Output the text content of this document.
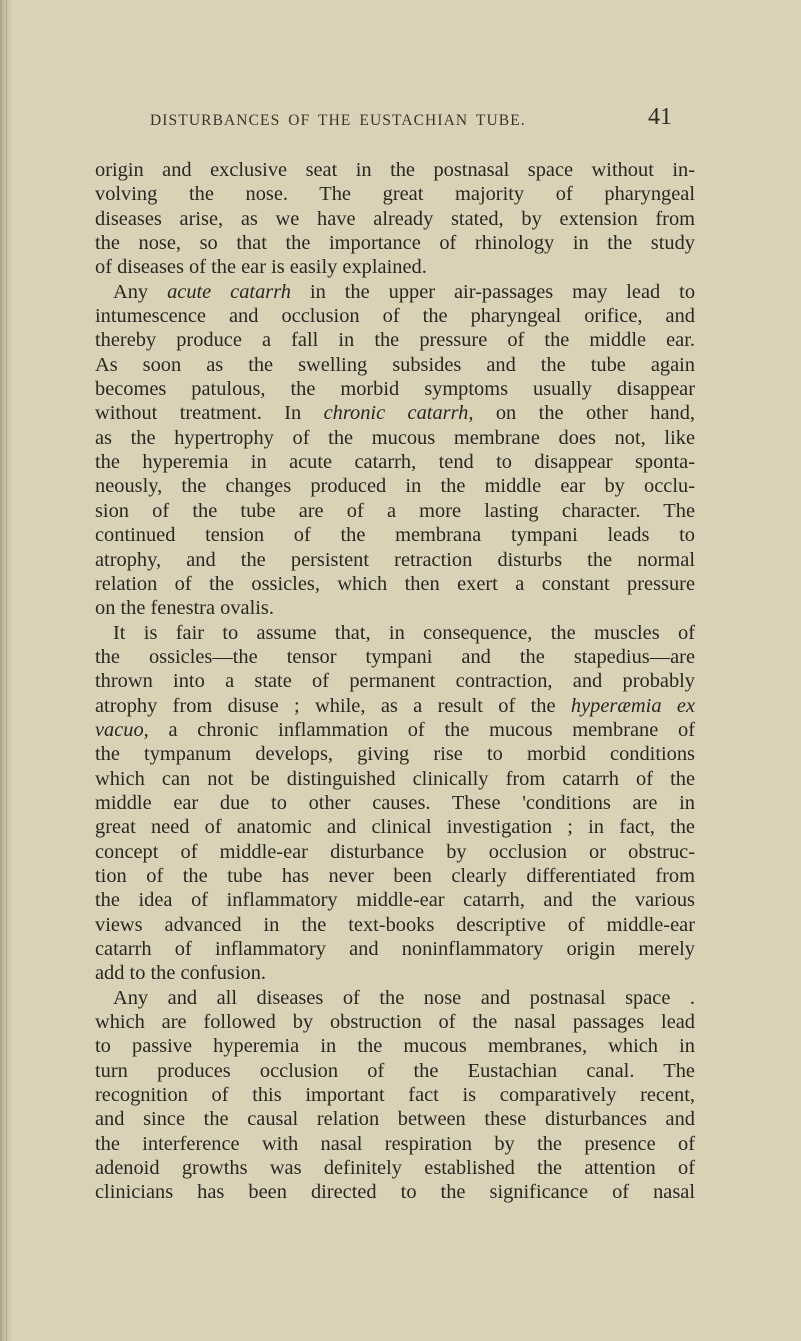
DISTURBANCES OF THE EUSTACHIAN TUBE.	41
origin and exclusive seat in the postnasal space without in-
volving the nose. The great majority of pharyngeal
diseases arise, as we have already stated, by extension from
the nose, so that the importance of rhinology in the study
of diseases of the ear is easily explained.
Any acute catarrh in the upper air-passages may lead to
intumescence and occlusion of the pharyngeal orifice, and
thereby produce a fall in the pressure of the middle ear.
As soon as the swelling subsides and the tube again
becomes patulous, the morbid symptoms usually disappear
without treatment. In chronic catarrh, on the other hand,
as the hypertrophy of the mucous membrane does not, like
the hyperemia in acute catarrh, tend to disappear sponta-
neously, the changes produced in the middle ear by occlu-
sion of the tube are of a more lasting character. The
continued tension of the membrana tympani leads to
atrophy, and the persistent retraction disturbs the normal
relation of the ossicles, which then exert a constant pressure
on the fenestra ovalis.
It is fair to assume that, in consequence, the muscles of
the ossicles—the tensor tympani and the stapedius—are
thrown into a state of permanent contraction, and probably
atrophy from disuse ; while, as a result of the hyperæmia ex
vacuo, a chronic inflammation of the mucous membrane of
the tympanum develops, giving rise to morbid conditions
which can not be distinguished clinically from catarrh of the
middle ear due to other causes. These 'conditions are in
great need of anatomic and clinical investigation ; in fact, the
concept of middle-ear disturbance by occlusion or obstruc-
tion of the tube has never been clearly differentiated from
the idea of inflammatory middle-ear catarrh, and the various
views advanced in the text-books descriptive of middle-ear
catarrh of inflammatory and noninflammatory origin merely
add to the confusion.
Any and all diseases of the nose and postnasal space .
which are followed by obstruction of the nasal passages lead
to passive hyperemia in the mucous membranes, which in
turn produces occlusion of the Eustachian canal. The
recognition of this important fact is comparatively recent,
and since the causal relation between these disturbances and
the interference with nasal respiration by the presence of
adenoid growths was definitely established the attention of
clinicians has been directed to the significance of nasal
